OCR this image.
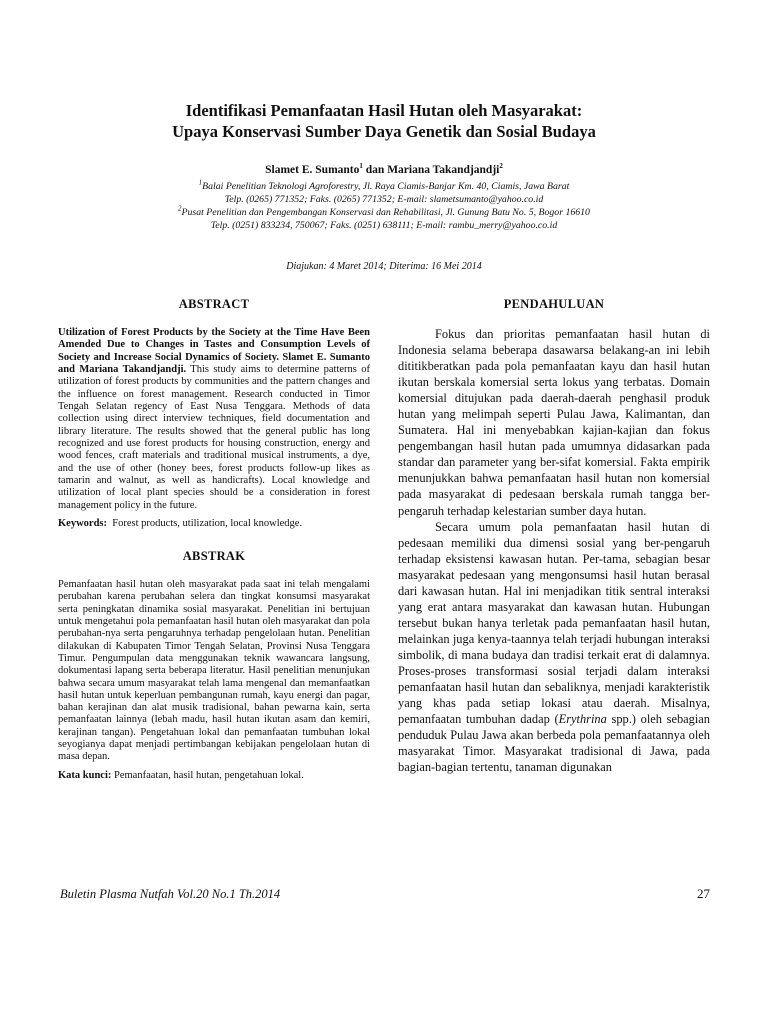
Identifikasi Pemanfaatan Hasil Hutan oleh Masyarakat:
Upaya Konservasi Sumber Daya Genetik dan Sosial Budaya
Slamet E. Sumanto$^1$ dan Mariana Takandjandji$^2$
$^1$Balai Penelitian Teknologi Agroforestry, Jl. Raya Ciamis-Banjar Km. 40, Ciamis, Jawa Barat
Telp. (0265) 771352; Faks. (0265) 771352; E-mail: slametsumanto@yahoo.co.id
$^2$Pusat Penelitian dan Pengembangan Konservasi dan Rehabilitasi, Jl. Gunung Batu No. 5, Bogor 16610
Telp. (0251) 833234, 750067; Faks. (0251) 638111; E-mail: rambu_merry@yahoo.co.id
Diajukan: 4 Maret 2014; Diterima: 16 Mei 2014
ABSTRACT
Utilization of Forest Products by the Society at the Time Have Been Amended Due to Changes in Tastes and Consumption Levels of Society and Increase Social Dynamics of Society. Slamet E. Sumanto and Mariana Takandjandji. This study aims to determine patterns of utilization of forest products by communities and the pattern changes and the influence on forest management. Research conducted in Timor Tengah Selatan regency of East Nusa Tenggara. Methods of data collection using direct interview techniques, field documentation and library literature. The results showed that the general public has long recognized and use forest products for housing construction, energy and wood fences, craft materials and traditional musical instruments, a dye, and the use of other (honey bees, forest products follow-up likes as tamarin and walnut, as well as handicrafts). Local knowledge and utilization of local plant species should be a consideration in forest management policy in the future.
Keywords:  Forest products, utilization, local knowledge.
ABSTRAK
Pemanfaatan hasil hutan oleh masyarakat pada saat ini telah mengalami perubahan karena perubahan selera dan tingkat konsumsi masyarakat serta peningkatan dinamika sosial masyarakat. Penelitian ini bertujuan untuk mengetahui pola pemanfaatan hasil hutan oleh masyarakat dan pola perubahan-nya serta pengaruhnya terhadap pengelolaan hutan. Penelitian dilakukan di Kabupaten Timor Tengah Selatan, Provinsi Nusa Tenggara Timur. Pengumpulan data menggunakan teknik wawancara langsung, dokumentasi lapang serta beberapa literatur. Hasil penelitian menunjukan bahwa secara umum masyarakat telah lama mengenal dan memanfaatkan hasil hutan untuk keperluan pembangunan rumah, kayu energi dan pagar, bahan kerajinan dan alat musik tradisional, bahan pewarna kain, serta pemanfaatan lainnya (lebah madu, hasil hutan ikutan asam dan kemiri, kerajinan tangan). Pengetahuan lokal dan pemanfaatan tumbuhan lokal seyogianya dapat menjadi pertimbangan kebijakan pengelolaan hutan di masa depan.
Kata kunci: Pemanfaatan, hasil hutan, pengetahuan lokal.
PENDAHULUAN

Fokus dan prioritas pemanfaatan hasil hutan di Indonesia selama beberapa dasawarsa belakang-an ini lebih dititikberatkan pada pola pemanfaatan kayu dan hasil hutan ikutan berskala komersial serta lokus yang terbatas. Domain komersial ditujukan pada daerah-daerah penghasil produk hutan yang melimpah seperti Pulau Jawa, Kalimantan, dan Sumatera. Hal ini menyebabkan kajian-kajian dan fokus pengembangan hasil hutan pada umumnya didasarkan pada standar dan parameter yang ber-sifat komersial. Fakta empirik menunjukkan bahwa pemanfaatan hasil hutan non komersial pada masyarakat di pedesaan berskala rumah tangga ber-pengaruh terhadap kelestarian sumber daya hutan.

Secara umum pola pemanfaatan hasil hutan di pedesaan memiliki dua dimensi sosial yang ber-pengaruh terhadap eksistensi kawasan hutan. Per-tama, sebagian besar masyarakat pedesaan yang mengonsumsi hasil hutan berasal dari kawasan hutan. Hal ini menjadikan titik sentral interaksi yang erat antara masyarakat dan kawasan hutan. Hubungan tersebut bukan hanya terletak pada pemanfaatan hasil hutan, melainkan juga kenya-taannya telah terjadi hubungan interaksi simbolik, di mana budaya dan tradisi terkait erat di dalamnya. Proses-proses transformasi sosial terjadi dalam interaksi pemanfaatan hasil hutan dan sebaliknya, menjadi karakteristik yang khas pada setiap lokasi atau daerah. Misalnya, pemanfaatan tumbuhan dadap (Erythrina spp.) oleh sebagian penduduk Pulau Jawa akan berbeda pola pemanfaatannya oleh masyarakat Timor. Masyarakat tradisional di Jawa, pada bagian-bagian tertentu, tanaman digunakan

Buletin Plasma Nutfah Vol.20 No.1 Th.2014	27
